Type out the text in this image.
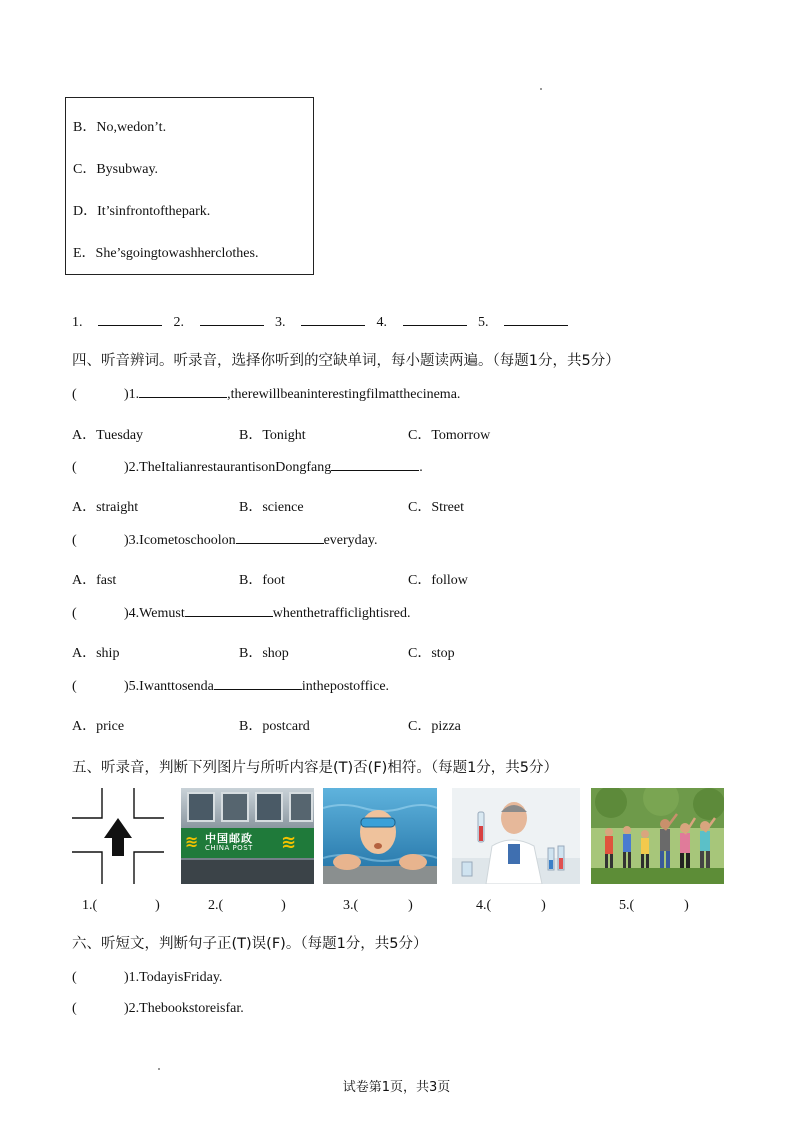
B．No,wedon’t.
C．Bysubway.
D．It’sinfrontofthepark.
E．She’sgoingtowashherclothes.
1.	2.	3.	4.	5.
四、听音辨词。听录音，选择你听到的空缺单词，每小题读两遍。（每题1分，共5分）
(	)1.	,therewillbeaninterestingfilmatthecinema.
A．Tuesday	B．Tonight	C．Tomorrow
(	)2.TheItalianrestaurantisonDongfang	.
A．straight	B．science	C．Street
(	)3.Icometoschoolon	everyday.
A．fast	B．foot	C．follow
(	)4.Wemust	whenthetrafficlightisred.
A．ship	B．shop	C．stop
(	)5.Iwanttosenda	inthepostoffice.
A．price	B．postcard	C．pizza
五、听录音，判断下列图片与所听内容是(T)否(F)相符。（每题1分，共5分）
≋ 中国邮政
CHINA POST ≋
1.(	)	2.(	)	3.(	)	4.(	)	5.(	)
六、听短文，判断句子正(T)误(F)。（每题1分，共5分）
(	)1.TodayisFriday.
(	)2.Thebookstoreisfar.
试卷第1页，共3页
